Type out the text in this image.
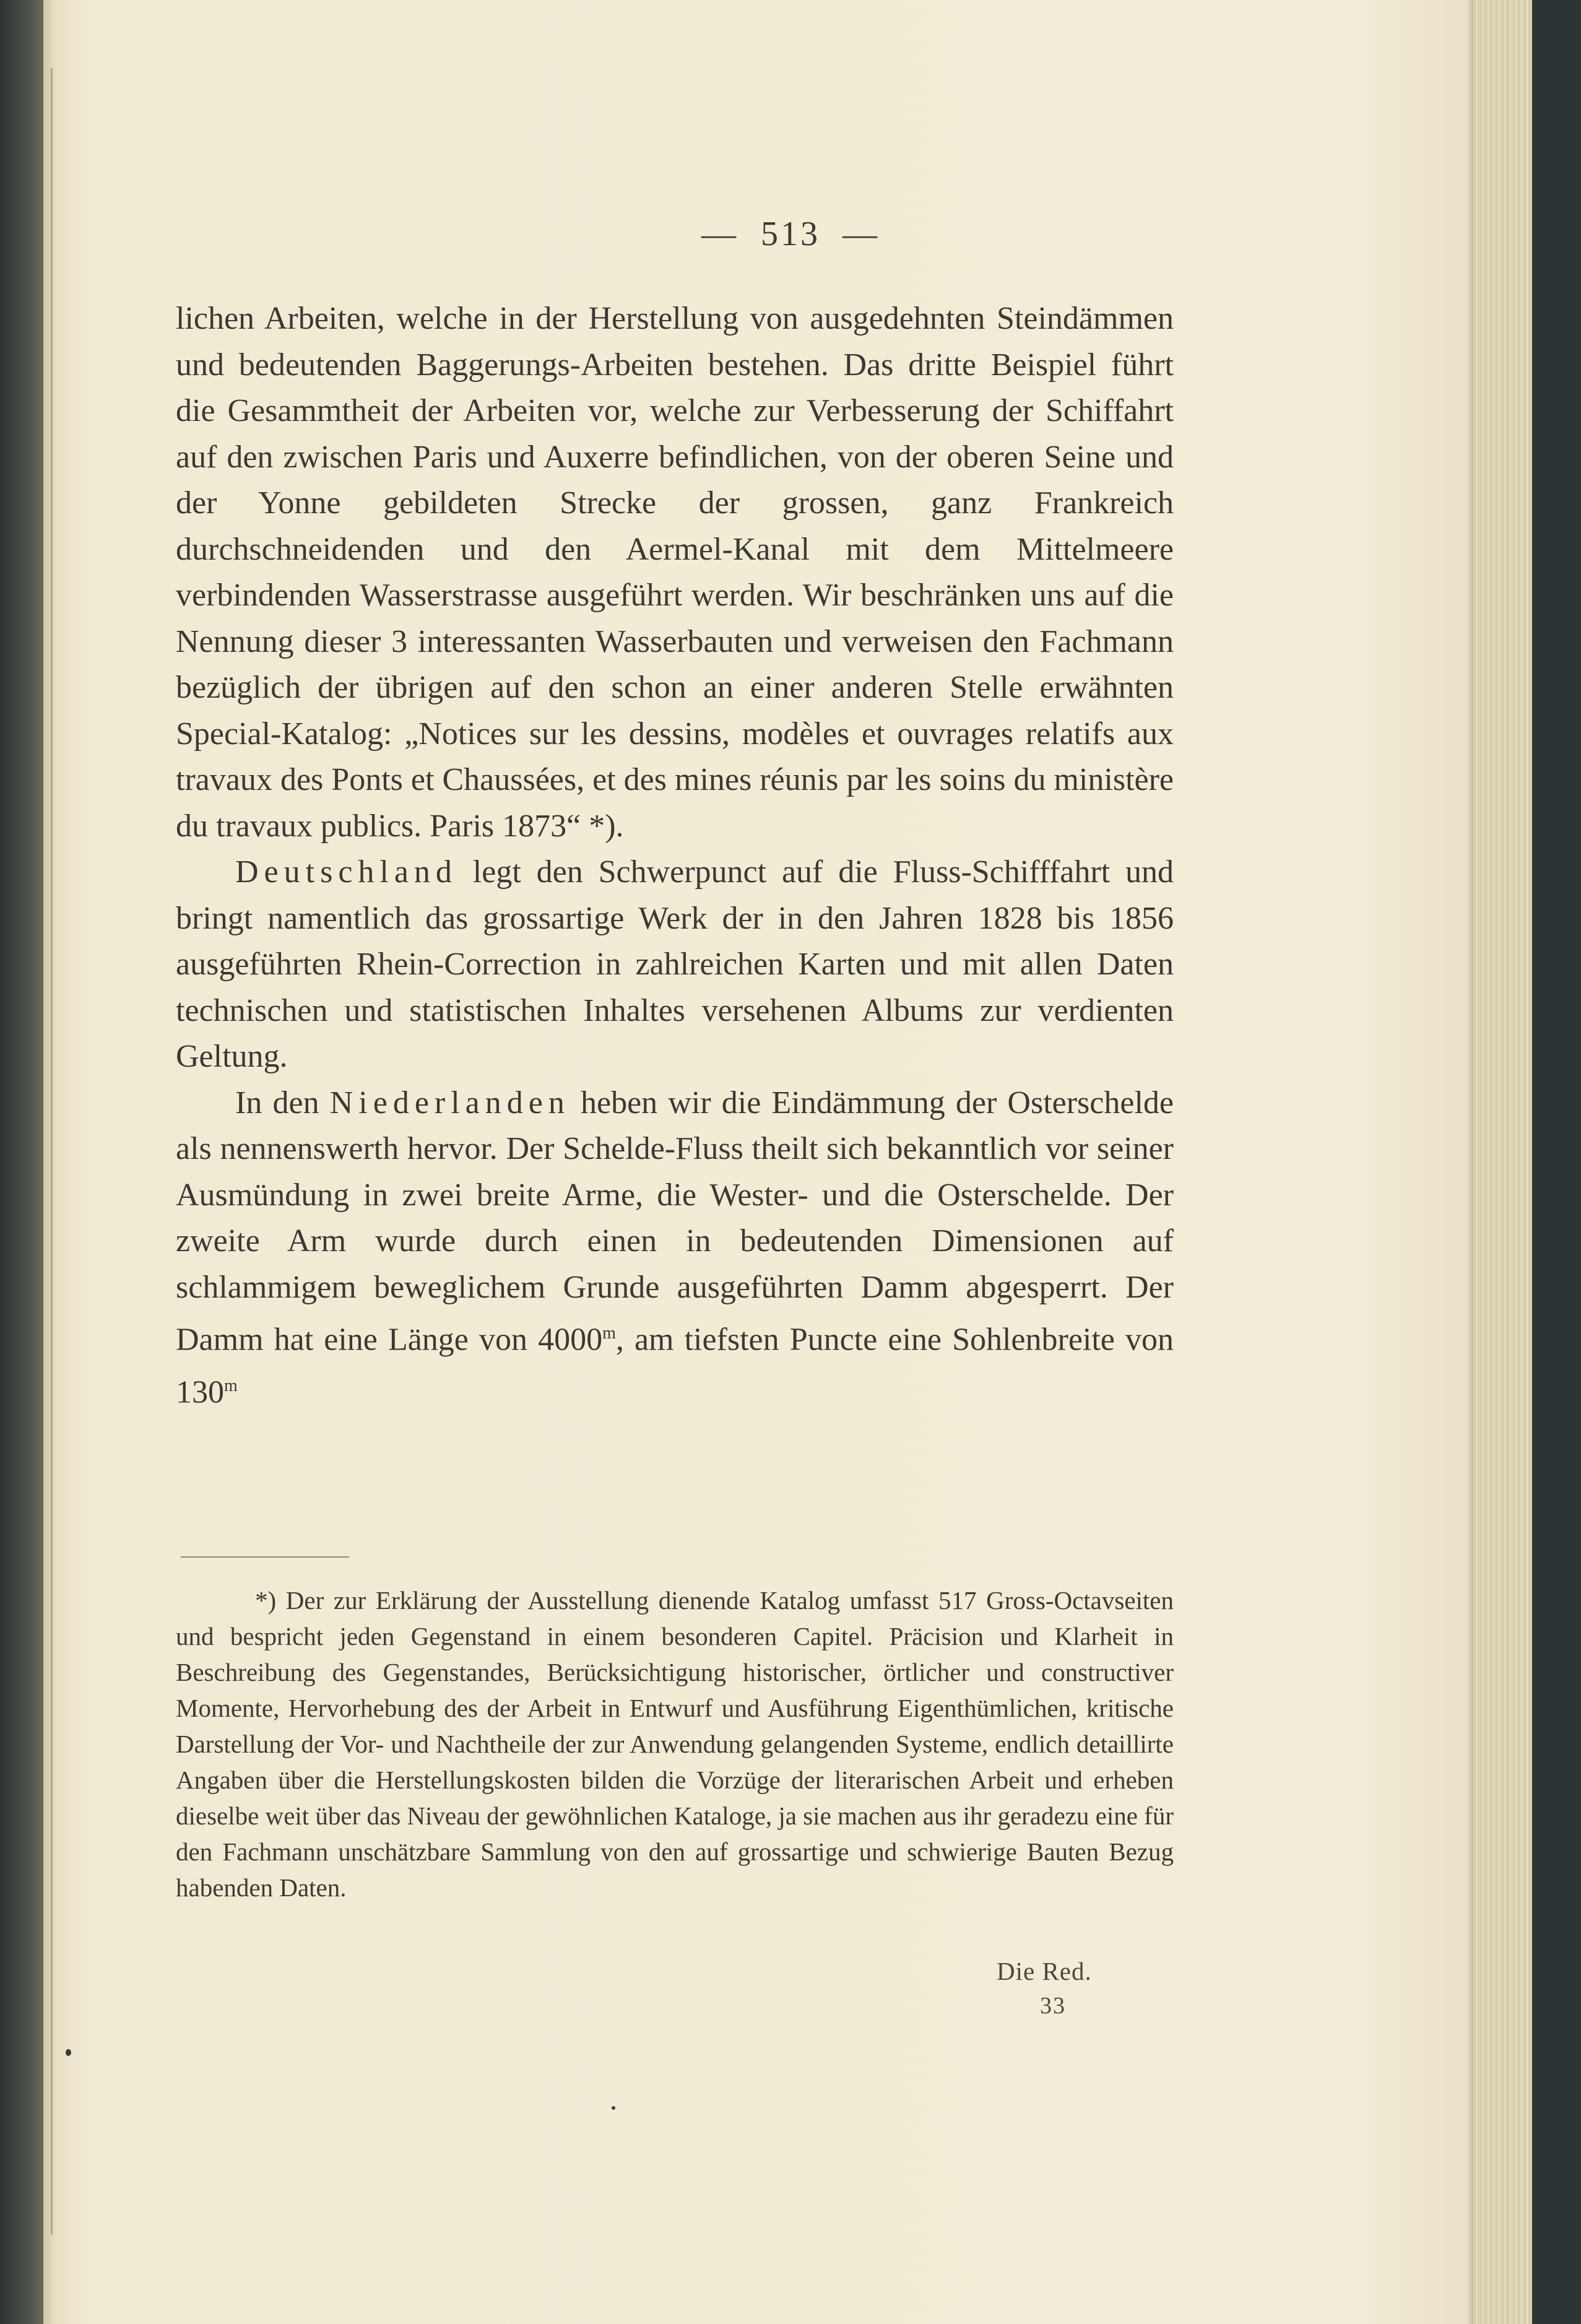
— 513 —

lichen Arbeiten, welche in der Herstellung von ausgedehnten Steindämmen und bedeutenden Baggerungs-Arbeiten bestehen. Das dritte Beispiel führt die Gesammtheit der Arbeiten vor, welche zur Verbesserung der Schiffahrt auf den zwischen Paris und Auxerre befindlichen, von der oberen Seine und der Yonne gebildeten Strecke der grossen, ganz Frankreich durchschneidenden und den Aermel-Kanal mit dem Mittelmeere verbindenden Wasserstrasse ausgeführt werden. Wir beschränken uns auf die Nennung dieser 3 interessanten Wasserbauten und verweisen den Fachmann bezüglich der übrigen auf den schon an einer anderen Stelle erwähnten Special-Katalog: „Notices sur les dessins, modèles et ouvrages relatifs aux travaux des Ponts et Chaussées, et des mines réunis par les soins du ministère du travaux publics. Paris 1873“ *).

Deutschland legt den Schwerpunct auf die Fluss-Schifffahrt und bringt namentlich das grossartige Werk der in den Jahren 1828 bis 1856 ausgeführten Rhein-Correction in zahlreichen Karten und mit allen Daten technischen und statistischen Inhaltes versehenen Albums zur verdienten Geltung.

In den Niederlanden heben wir die Eindämmung der Osterschelde als nennenswerth hervor. Der Schelde-Fluss theilt sich bekanntlich vor seiner Ausmündung in zwei breite Arme, die Wester- und die Osterschelde. Der zweite Arm wurde durch einen in bedeutenden Dimensionen auf schlammigem beweglichem Grunde ausgeführten Damm abgesperrt. Der Damm hat eine Länge von 4000$^m$, am tiefsten Puncte eine Sohlenbreite von 130$^m$

*) Der zur Erklärung der Ausstellung dienende Katalog umfasst 517 Gross-Octavseiten und bespricht jeden Gegenstand in einem besonderen Capitel. Präcision und Klarheit in Beschreibung des Gegenstandes, Berücksichtigung historischer, örtlicher und constructiver Momente, Hervorhebung des der Arbeit in Entwurf und Ausführung Eigenthümlichen, kritische Darstellung der Vor- und Nachtheile der zur Anwendung gelangenden Systeme, endlich detaillirte Angaben über die Herstellungskosten bilden die Vorzüge der literarischen Arbeit und erheben dieselbe weit über das Niveau der gewöhnlichen Kataloge, ja sie machen aus ihr geradezu eine für den Fachmann unschätzbare Sammlung von den auf grossartige und schwierige Bauten Bezug habenden Daten.

Die Red.
33
